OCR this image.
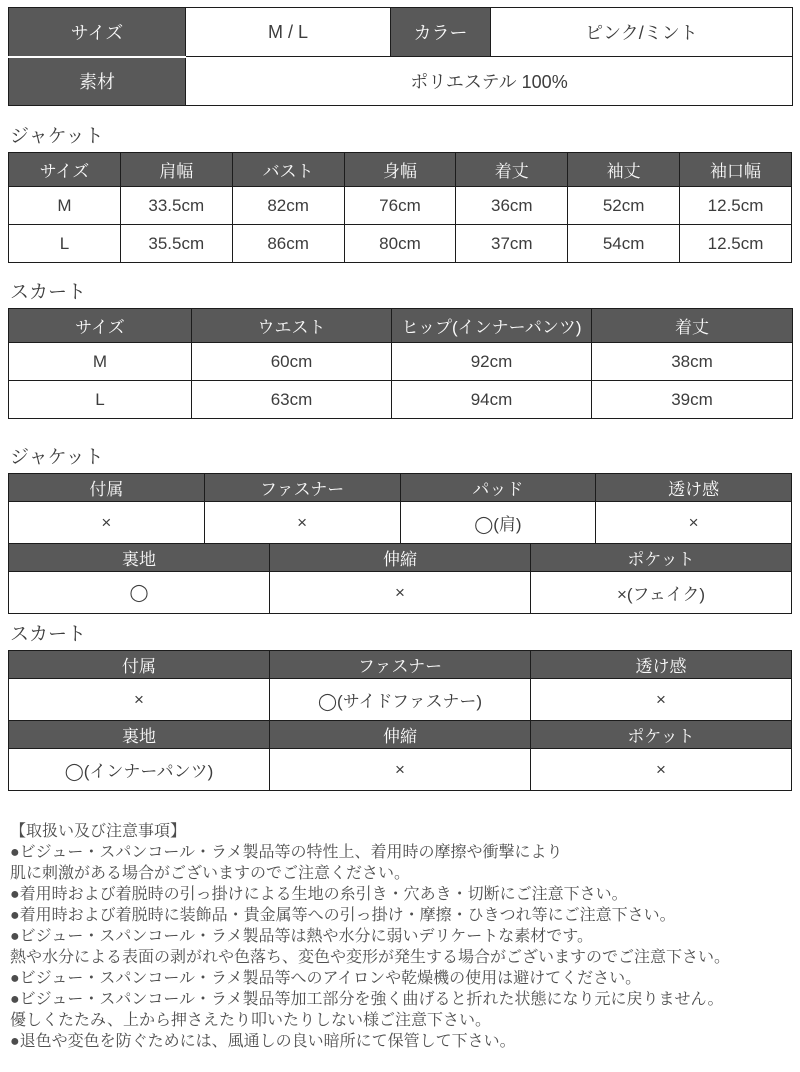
サイズ	M / L	カラー	ピンク/ミント
素材	ポリエステル 100%		
ジャケット
サイズ	肩幅	バスト	身幅	着丈	袖丈	袖口幅
M	33.5cm	82cm	76cm	36cm	52cm	12.5cm
L	35.5cm	86cm	80cm	37cm	54cm	12.5cm
スカート
サイズ	ウエスト	ヒップ(インナーパンツ)	着丈
M	60cm	92cm	38cm
L	63cm	94cm	39cm
ジャケット
付属	ファスナー		パッド		透け感
×	×		◯(肩)		×
裏地		伸縮		ポケット	
◯		×		×(フェイク)	
スカート
付属	ファスナー	透け感
×	◯(サイドファスナー)	×
裏地	伸縮	ポケット
◯(インナーパンツ)	×	×
【取扱い及び注意事項】
●ビジュー・スパンコール・ラメ製品等の特性上、着用時の摩擦や衝撃により
肌に刺激がある場合がございますのでご注意ください。
●着用時および着脱時の引っ掛けによる生地の糸引き・穴あき・切断にご注意下さい。
●着用時および着脱時に装飾品・貴金属等への引っ掛け・摩擦・ひきつれ等にご注意下さい。
●ビジュー・スパンコール・ラメ製品等は熱や水分に弱いデリケートな素材です。
熱や水分による表面の剥がれや色落ち、変色や変形が発生する場合がございますのでご注意下さい。
●ビジュー・スパンコール・ラメ製品等へのアイロンや乾燥機の使用は避けてください。
●ビジュー・スパンコール・ラメ製品等加工部分を強く曲げると折れた状態になり元に戻りません。
優しくたたみ、上から押さえたり叩いたりしない様ご注意下さい。
●退色や変色を防ぐためには、風通しの良い暗所にて保管して下さい。
